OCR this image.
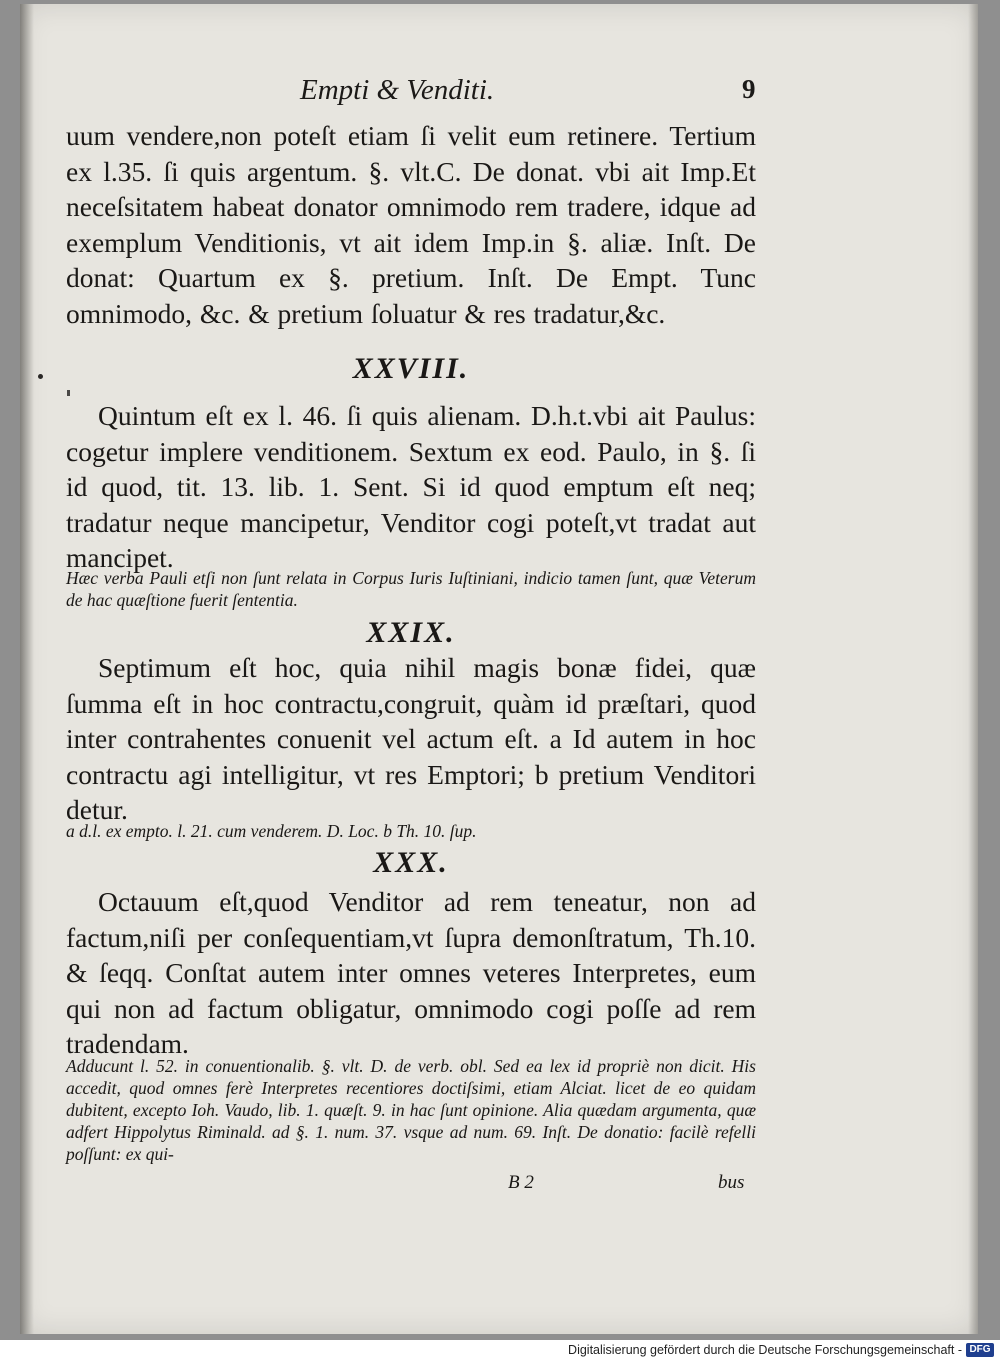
Empti & Venditi.	9
uum vendere,non poteſt etiam ſi velit eum retinere. Tertium ex l.35. ſi quis argentum. §. vlt.C. De donat. vbi ait Imp.Et neceſsitatem habeat donator omnimodo rem tradere, idque ad exemplum Venditionis, vt ait idem Imp.in §. aliæ. Inſt. De donat: Quartum ex §. pretium. Inſt. De Empt. Tunc omnimodo, &c. & pretium ſoluatur & res tradatur,&c.
XXVIII.
Quintum eſt ex l. 46. ſi quis alienam. D.h.t.vbi ait Paulus: cogetur implere venditionem. Sextum ex eod. Paulo, in §. ſi id quod, tit. 13. lib. 1. Sent. Si id quod emptum eſt neq; tradatur neque mancipetur, Venditor cogi poteſt,vt tradat aut mancipet.
Hæc verba Pauli etſi non ſunt relata in Corpus Iuris Iuſtiniani, indicio tamen ſunt, quæ Veterum de hac quæſtione fuerit ſententia.
XXIX.
Septimum eſt hoc, quia nihil magis bonæ fidei, quæ ſumma eſt in hoc contractu,congruit, quàm id præſtari, quod inter contrahentes conuenit vel actum eſt. a Id autem in hoc contractu agi intelligitur, vt res Emptori; b pretium Venditori detur.
a d.l. ex empto. l. 21. cum venderem. D. Loc. b Th. 10. ſup.
XXX.
Octauum eſt,quod Venditor ad rem teneatur, non ad factum,niſi per conſequentiam,vt ſupra demonſtratum, Th.10. & ſeqq. Conſtat autem inter omnes veteres Interpretes, eum qui non ad factum obligatur, omnimodo cogi poſſe ad rem tradendam.
Adducunt l. 52. in conuentionalib. §. vlt. D. de verb. obl. Sed ea lex id propriè non dicit. His accedit, quod omnes ferè Interpretes recentiores doctiſsimi, etiam Alciat. licet de eo quidam dubitent, excepto Ioh. Vaudo, lib. 1. quæſt. 9. in hac ſunt opinione. Alia quædam argumenta, quæ adfert Hippolytus Riminald. ad §. 1. num. 37. vsque ad num. 69. Inſt. De donatio: facilè refelli poſſunt: ex qui-
B 2	bus
Digitalisierung gefördert durch die Deutsche Forschungsgemeinschaft - DFG
